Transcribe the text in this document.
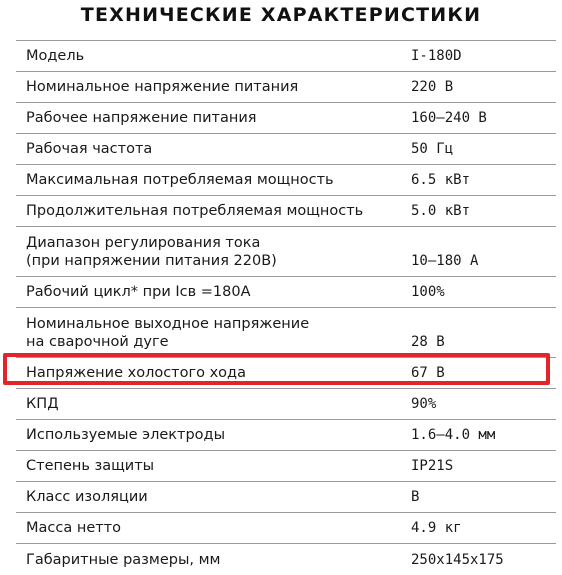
ТЕХНИЧЕСКИЕ ХАРАКТЕРИСТИКИ
Модель	I-180D
Номинальное напряжение питания	220 В
Рабочее напряжение питания	160—240 В
Рабочая частота	50 Гц
Максимальная потребляемая мощность	6.5 кВт
Продолжительная потребляемая мощность	5.0 кВт
Диапазон регулирования тока
(при напряжении питания 220В)	10—180 А
Рабочий цикл* при Iсв =180А	100%
Номинальное выходное напряжение
на сварочной дуге	28 В
Напряжение холостого хода	67 В
КПД	90%
Используемые электроды	1.6—4.0 мм
Степень защиты	IP21S
Класс изоляции	B
Масса нетто	4.9 кг
Габаритные размеры, мм	250x145x175
